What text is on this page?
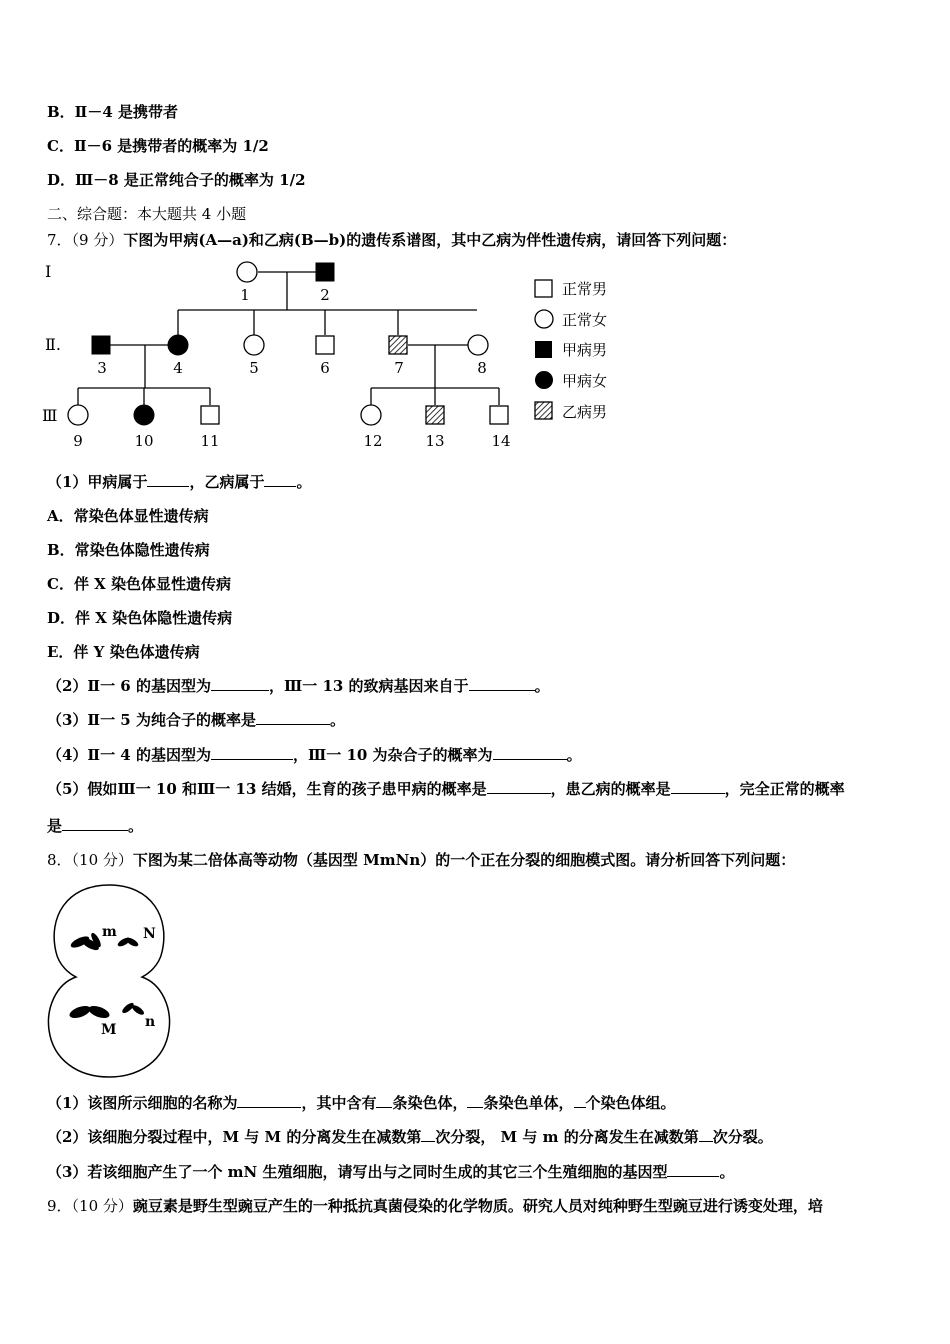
B．Ⅱ－4 是携带者
C．Ⅱ－6 是携带者的概率为 1/2
D．Ⅲ－8 是正常纯合子的概率为 1/2
二、综合题：本大题共 4 小题
7．（9 分）下图为甲病(A—a)和乙病(B—b)的遗传系谱图，其中乙病为伴性遗传病，请回答下列问题：
Ⅰ
Ⅱ.
Ⅲ
1	2
3	4	5	6	7	8
9	10	11	12	13	14
正常男
正常女
甲病男
甲病女
乙病男
（1）甲病属于	，乙病属于 。
A．常染色体显性遗传病
B．常染色体隐性遗传病
C．伴 X 染色体显性遗传病
D．伴 X 染色体隐性遗传病
E．伴 Y 染色体遗传病
（2）Ⅱ一 6 的基因型为	，Ⅲ一 13 的致病基因来自于	。
（3）Ⅱ一 5 为纯合子的概率是	。
（4）Ⅱ一 4 的基因型为	，Ⅲ一 10 为杂合子的概率为	。
（5）假如Ⅲ一 10 和Ⅲ一 13 结婚，生育的孩子患甲病的概率是	，患乙病的概率是	，完全正常的概率
是	。
8．（10 分）下图为某二倍体高等动物（基因型 MmNn）的一个正在分裂的细胞模式图。请分析回答下列问题：
m N
M n
（1）该图所示细胞的名称为	，其中含有 条染色体， 条染色单体， 个染色体组。
（2）该细胞分裂过程中，M 与 M 的分离发生在减数第 次分裂， M 与 m 的分离发生在减数第 次分裂。
（3）若该细胞产生了一个 mN 生殖细胞，请写出与之同时生成的其它三个生殖细胞的基因型	。
9．（10 分）豌豆素是野生型豌豆产生的一种抵抗真菌侵染的化学物质。研究人员对纯种野生型豌豆进行诱变处理，培
